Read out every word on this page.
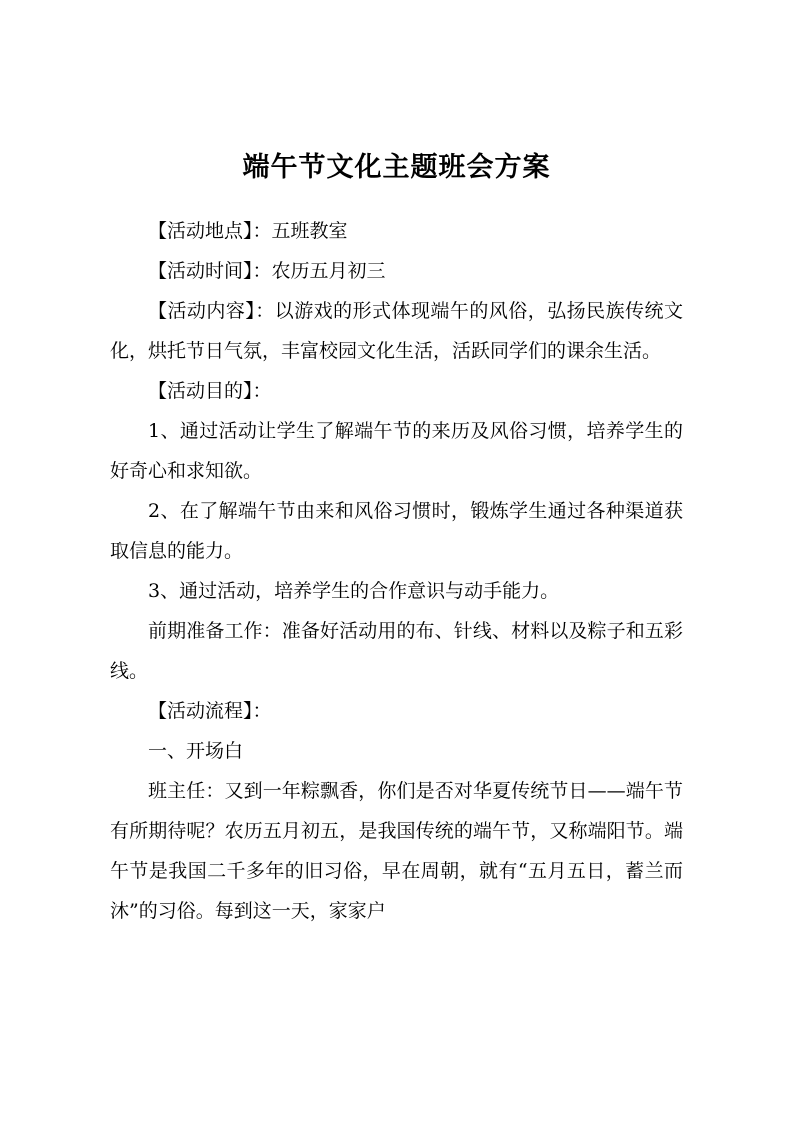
端午节文化主题班会方案

【活动地点】：五班教室

【活动时间】：农历五月初三

【活动内容】：以游戏的形式体现端午的风俗，弘扬民族传统文化，烘托节日气氛，丰富校园文化生活，活跃同学们的课余生活。

【活动目的】：

1、通过活动让学生了解端午节的来历及风俗习惯，培养学生的好奇心和求知欲。

2、在了解端午节由来和风俗习惯时，锻炼学生通过各种渠道获取信息的能力。

3、通过活动，培养学生的合作意识与动手能力。

前期准备工作：准备好活动用的布、针线、材料以及粽子和五彩线。

【活动流程】：

一、开场白

班主任：又到一年粽飘香，你们是否对华夏传统节日——端午节有所期待呢？农历五月初五，是我国传统的端午节，又称端阳节。端午节是我国二千多年的旧习俗，早在周朝，就有“五月五日，蓄兰而沐”的习俗。每到这一天，家家户
